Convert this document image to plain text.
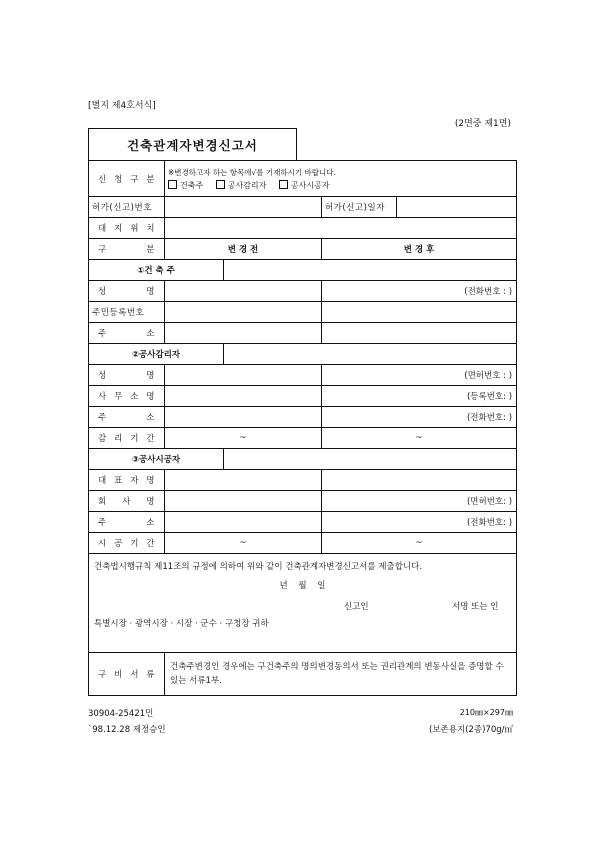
[별지 제4호서식]
(2면중 제1면)
건축관계자변경신고서
신 청 구 분	※변경하고자 하는 항목에√를 기재하시기 바랍니다.
건축주 공사감리자 공사시공자			

허가(신고)번호			허가(신고)일자	
대 지 위 치				
구 분	변 경 전		변 경 후	
①건 축 주				
성 명			(전화번호 : )	
주민등록번호				
주 소				
②공사감리자				
성 명			(면허번호 : )	
사 무 소 명			(등록번호: )	
주 소			(전화번호: )	
감 리 기 간	~		~	
③공사시공자				
대 표 자 명				
회 사 명			(면허번호: )	
주 소			(전화번호: )	
시 공 기 간	~		~	

건축법시행규칙 제11조의 규정에 의하여 위와 같이 건축관계자변경신고서를 제출합니다.
년 월 일
신고인 서명 또는 인
특별시장 · 광역시장 · 시장 · 군수 · 구청장 귀하				

구 비 서 류	건축주변경인 경우에는 구건축주의 명의변경동의서 또는 권리관계의 변동사실을 증명할 수 있는 서류1부.			
30904-25421민	210㎜×297㎜
`98.12.28 제정승인	(보존용지(2종)70g/㎡
